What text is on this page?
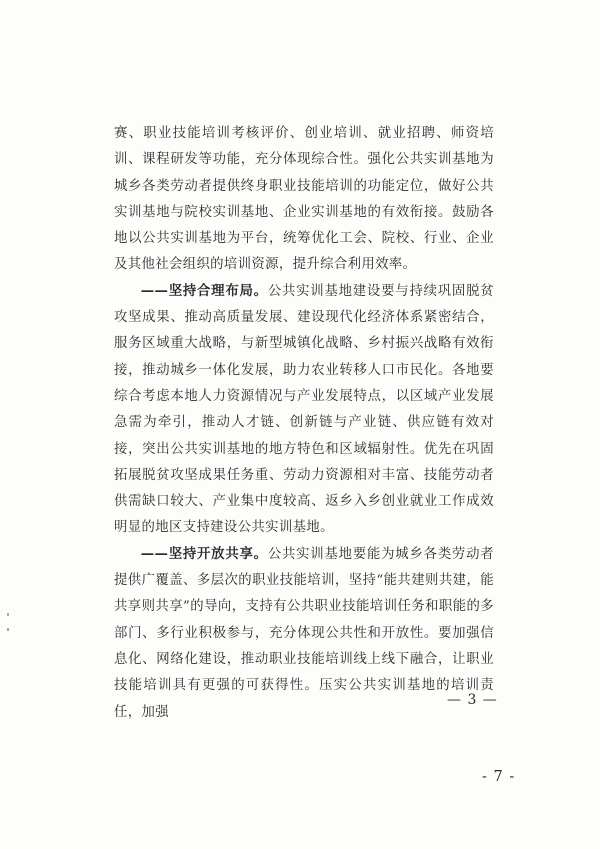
赛、职业技能培训考核评价、创业培训、就业招聘、师资培训、课程研发等功能，充分体现综合性。强化公共实训基地为城乡各类劳动者提供终身职业技能培训的功能定位，做好公共实训基地与院校实训基地、企业实训基地的有效衔接。鼓励各地以公共实训基地为平台，统筹优化工会、院校、行业、企业及其他社会组织的培训资源，提升综合利用效率。

——坚持合理布局。公共实训基地建设要与持续巩固脱贫攻坚成果、推动高质量发展、建设现代化经济体系紧密结合，服务区域重大战略，与新型城镇化战略、乡村振兴战略有效衔接，推动城乡一体化发展，助力农业转移人口市民化。各地要综合考虑本地人力资源情况与产业发展特点，以区域产业发展急需为牵引，推动人才链、创新链与产业链、供应链有效对接，突出公共实训基地的地方特色和区域辐射性。优先在巩固拓展脱贫攻坚成果任务重、劳动力资源相对丰富、技能劳动者供需缺口较大、产业集中度较高、返乡入乡创业就业工作成效明显的地区支持建设公共实训基地。

——坚持开放共享。公共实训基地要能为城乡各类劳动者提供广覆盖、多层次的职业技能培训，坚持“能共建则共建，能共享则共享”的导向，支持有公共职业技能培训任务和职能的多部门、多行业积极参与，充分体现公共性和开放性。要加强信息化、网络化建设，推动职业技能培训线上线下融合，让职业技能培训具有更强的可获得性。压实公共实训基地的培训责任，加强

— 3 —
- 7 -
